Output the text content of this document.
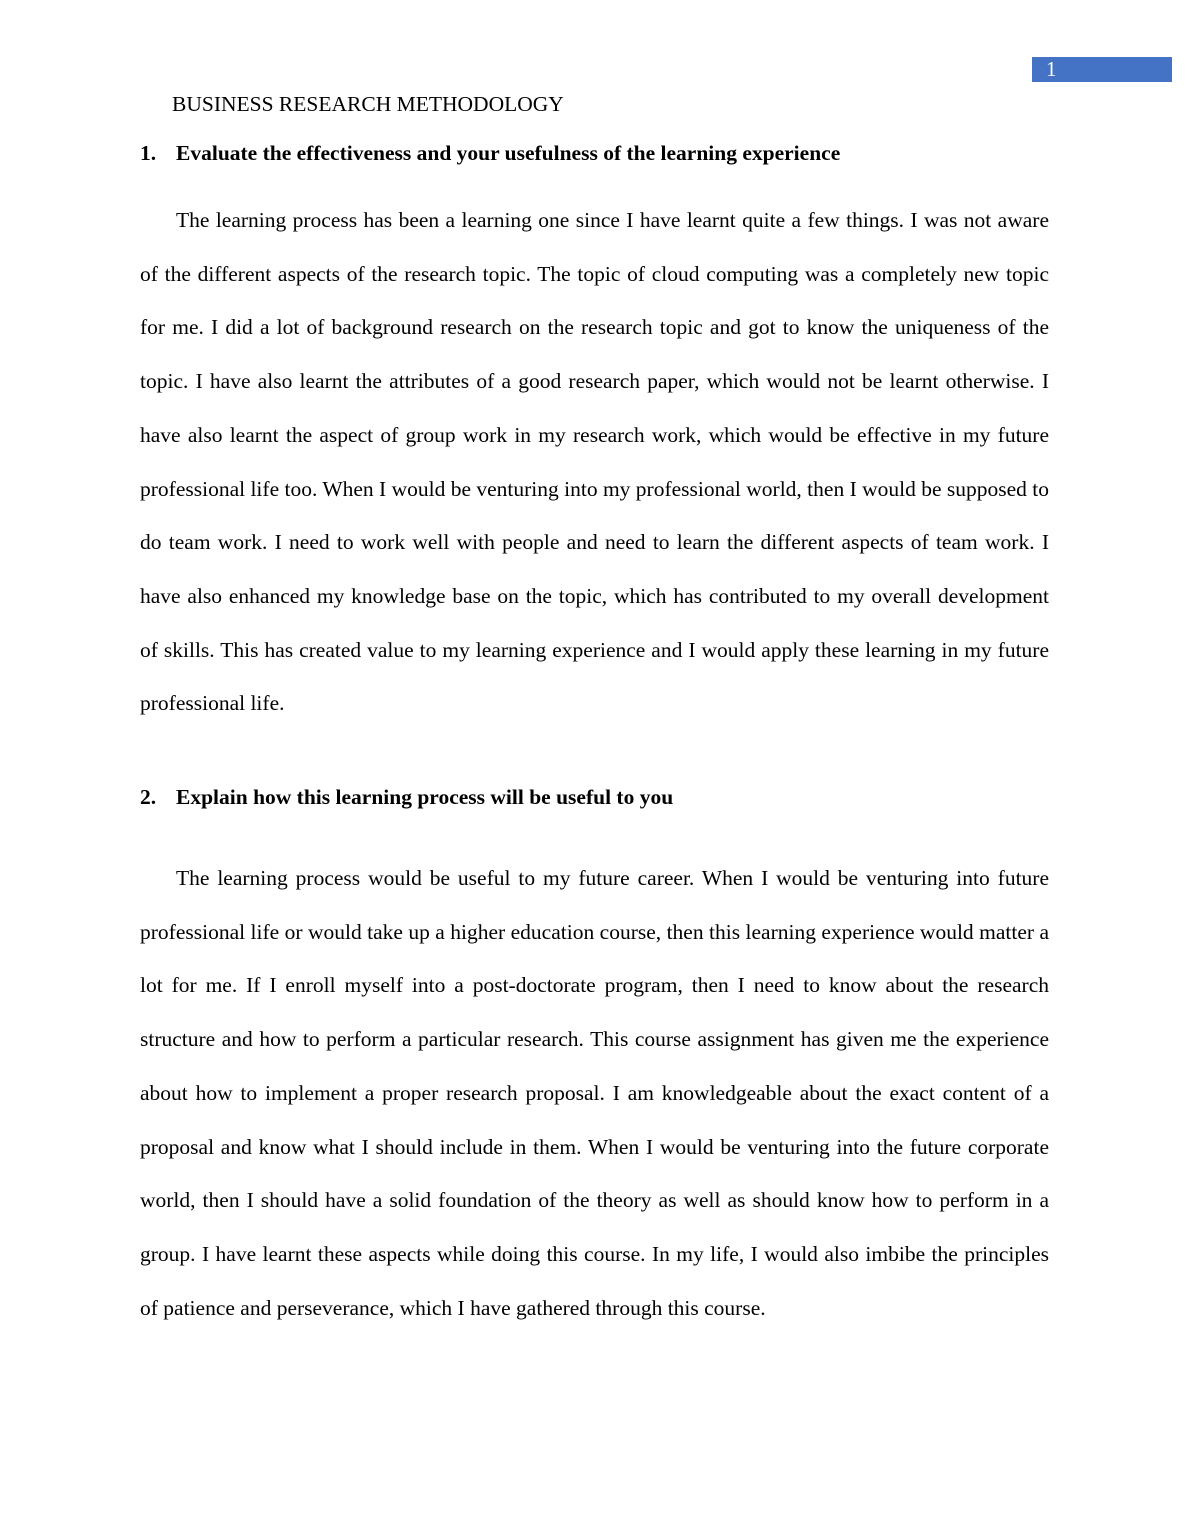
1
BUSINESS RESEARCH METHODOLOGY
1. Evaluate the effectiveness and your usefulness of the learning experience

The learning process has been a learning one since I have learnt quite a few things. I was not aware of the different aspects of the research topic. The topic of cloud computing was a completely new topic for me. I did a lot of background research on the research topic and got to know the uniqueness of the topic. I have also learnt the attributes of a good research paper, which would not be learnt otherwise. I have also learnt the aspect of group work in my research work, which would be effective in my future professional life too. When I would be venturing into my professional world, then I would be supposed to do team work. I need to work well with people and need to learn the different aspects of team work. I have also enhanced my knowledge base on the topic, which has contributed to my overall development of skills. This has created value to my learning experience and I would apply these learning in my future professional life.

2. Explain how this learning process will be useful to you

The learning process would be useful to my future career. When I would be venturing into future professional life or would take up a higher education course, then this learning experience would matter a lot for me. If I enroll myself into a post-doctorate program, then I need to know about the research structure and how to perform a particular research. This course assignment has given me the experience about how to implement a proper research proposal. I am knowledgeable about the exact content of a proposal and know what I should include in them. When I would be venturing into the future corporate world, then I should have a solid foundation of the theory as well as should know how to perform in a group. I have learnt these aspects while doing this course. In my life, I would also imbibe the principles of patience and perseverance, which I have gathered through this course.
